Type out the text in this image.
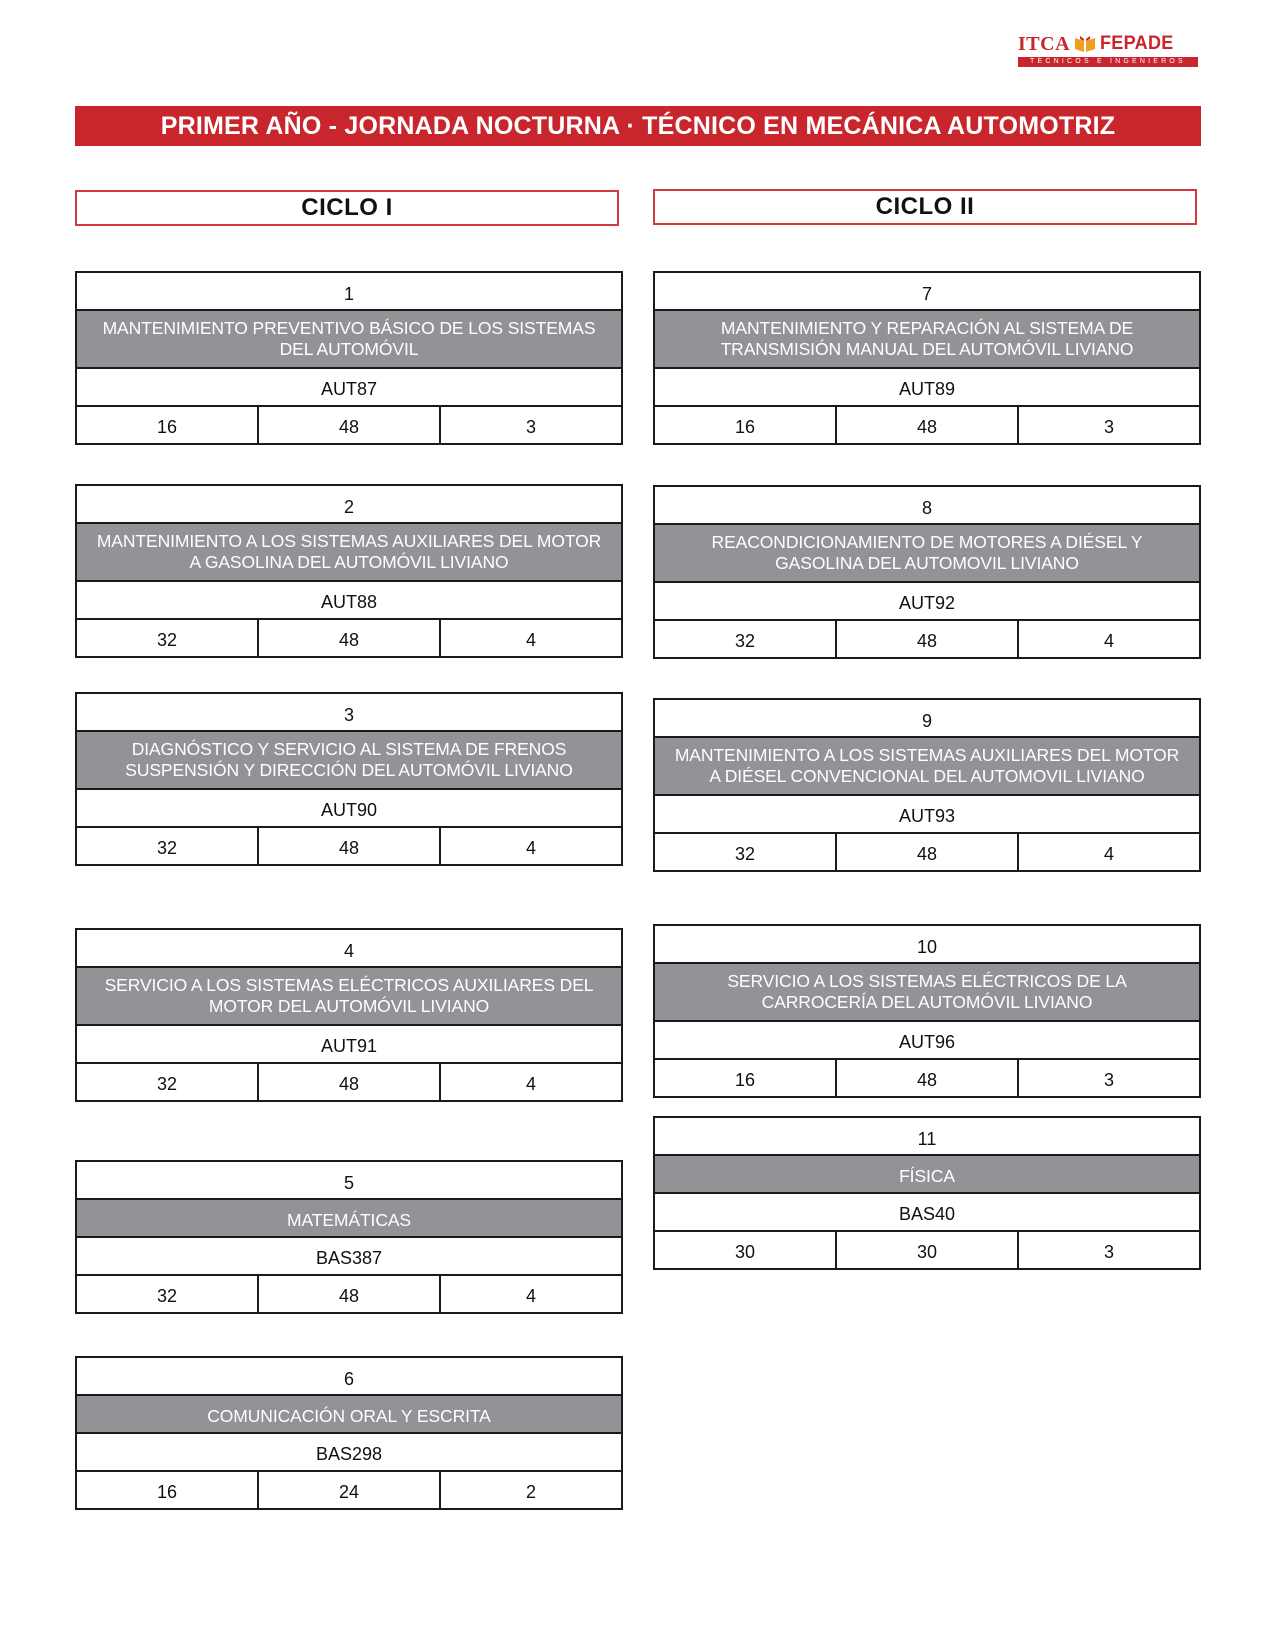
ITCA FEPADE
TÉCNICOS E INGENIEROS
PRIMER AÑO - JORNADA NOCTURNA · TÉCNICO EN MECÁNICA AUTOMOTRIZ
CICLO I	CICLO II
1
MANTENIMIENTO PREVENTIVO BÁSICO DE LOS SISTEMAS DEL AUTOMÓVIL
AUT87
16	48	3
2
MANTENIMIENTO A LOS SISTEMAS AUXILIARES DEL MOTOR A GASOLINA DEL AUTOMÓVIL LIVIANO
AUT88
32	48	4
3
DIAGNÓSTICO Y SERVICIO AL SISTEMA DE FRENOS SUSPENSIÓN Y DIRECCIÓN DEL AUTOMÓVIL LIVIANO
AUT90
32	48	4
4
SERVICIO A LOS SISTEMAS ELÉCTRICOS AUXILIARES DEL MOTOR DEL AUTOMÓVIL LIVIANO
AUT91
32	48	4
5
MATEMÁTICAS
BAS387
32	48	4
6
COMUNICACIÓN ORAL Y ESCRITA
BAS298
16	24	2
7
MANTENIMIENTO Y REPARACIÓN AL SISTEMA DE TRANSMISIÓN MANUAL DEL AUTOMÓVIL LIVIANO
AUT89
16	48	3
8
REACONDICIONAMIENTO DE MOTORES A DIÉSEL Y GASOLINA DEL AUTOMOVIL LIVIANO
AUT92
32	48	4
9
MANTENIMIENTO A LOS SISTEMAS AUXILIARES DEL MOTOR A DIÉSEL CONVENCIONAL DEL AUTOMOVIL LIVIANO
AUT93
32	48	4
10
SERVICIO A LOS SISTEMAS ELÉCTRICOS DE LA CARROCERÍA DEL AUTOMÓVIL LIVIANO
AUT96
16	48	3
11
FÍSICA
BAS40
30	30	3
